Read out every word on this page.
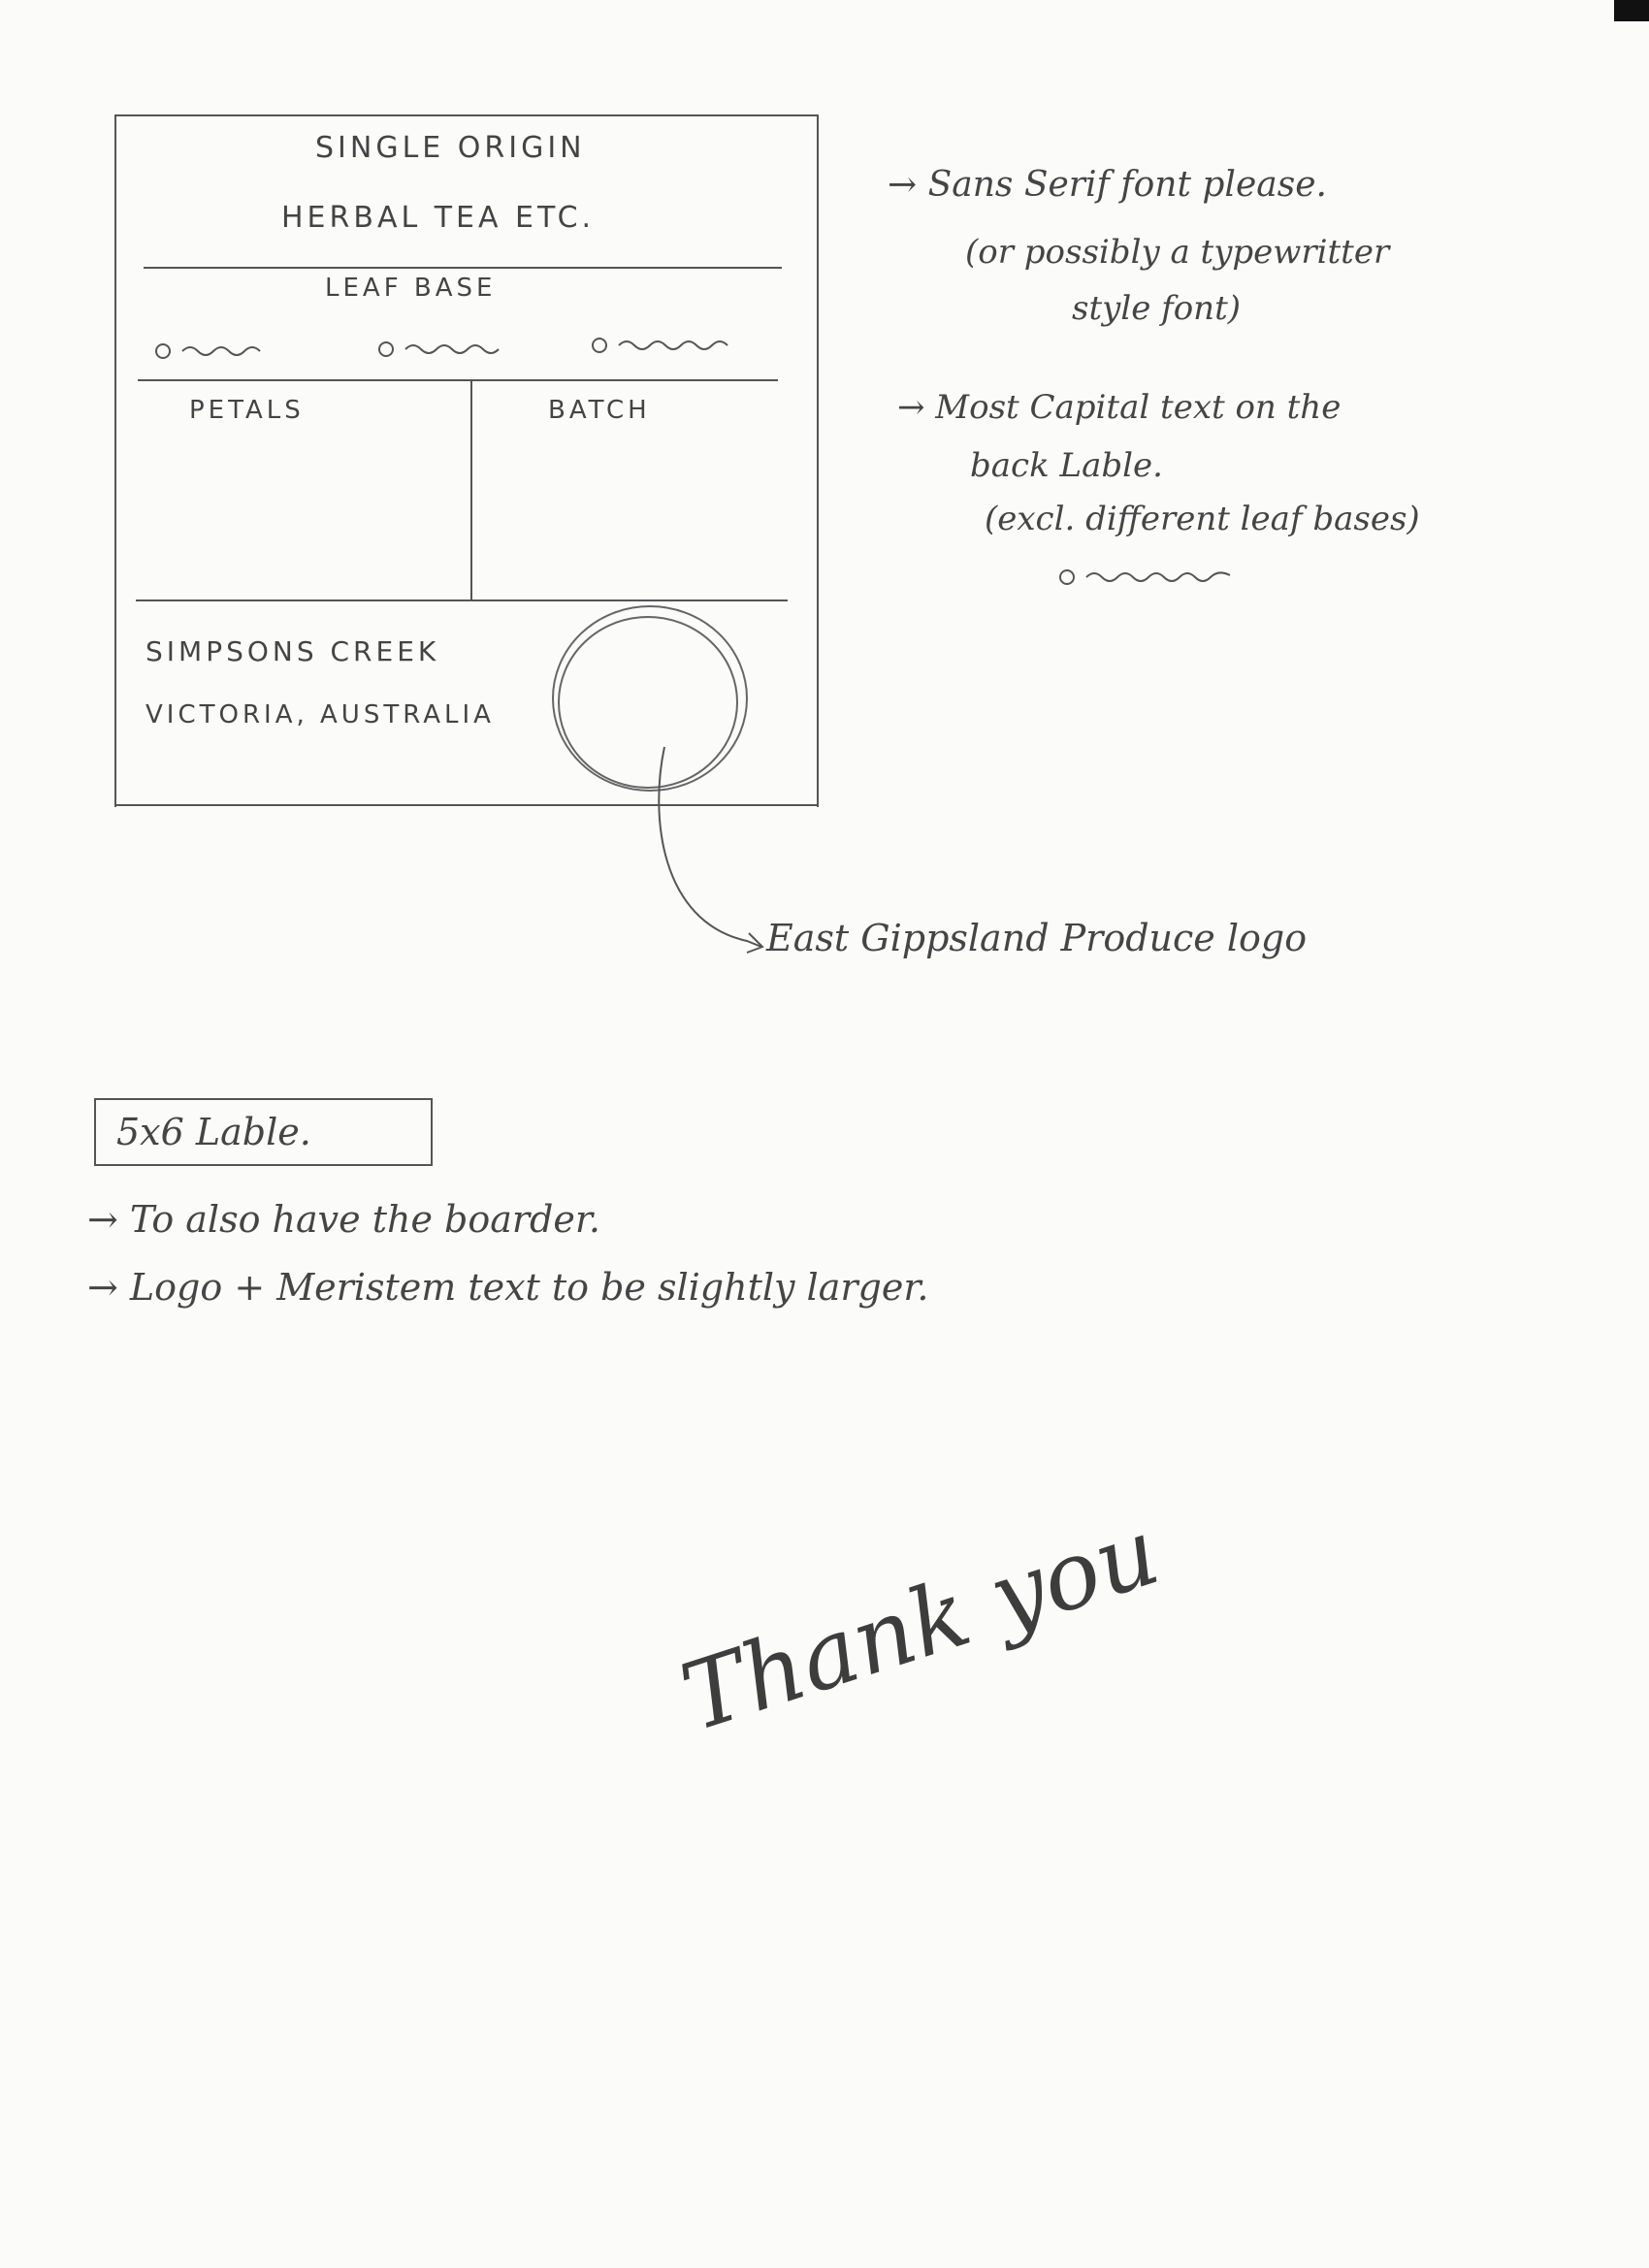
SINGLE ORIGIN
HERBAL TEA ETC.
LEAF BASE
PETALS	BATCH
SIMPSONS CREEK
VICTORIA, AUSTRALIA
→ Sans Serif font please.
(or possibly a typewritter
style font)
→ Most Capital text on the
back Lable.
(excl. different leaf bases)
East Gippsland Produce logo
5x6 Lable.
→ To also have the boarder.
→ Logo + Meristem text to be slightly larger.
Thank you
